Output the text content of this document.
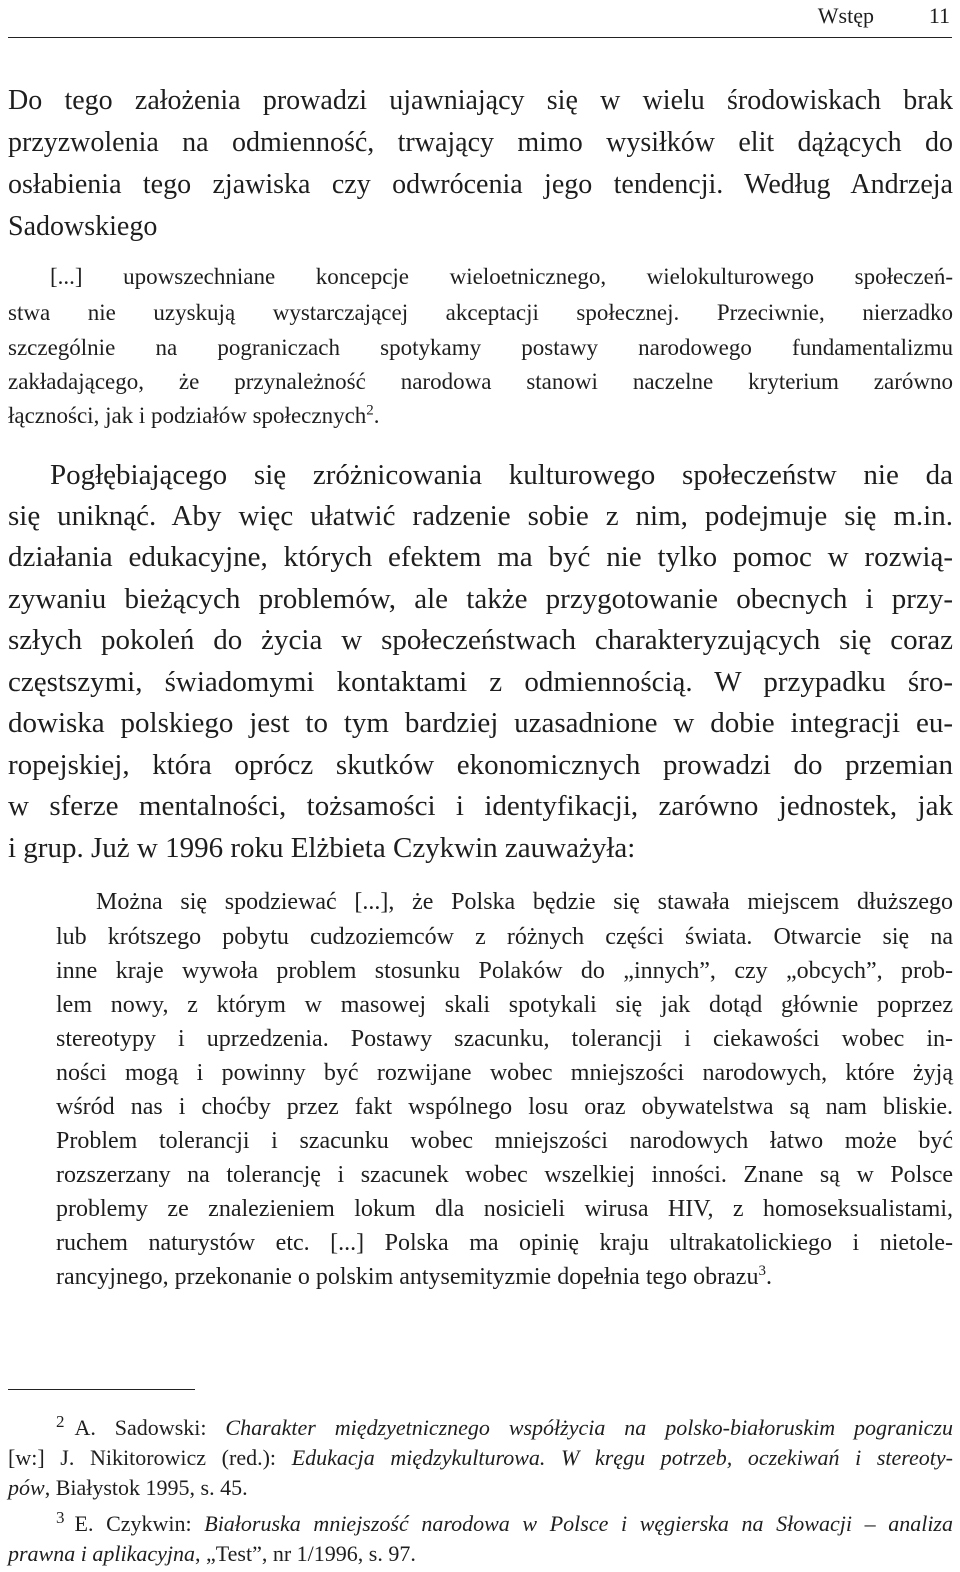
Wstęp 11
Do tego założenia prowadzi ujawniający się w wielu środowiskach brak
przyzwolenia na odmienność, trwający mimo wysiłków elit dążących do
osłabienia tego zjawiska czy odwrócenia jego tendencji. Według Andrzeja
Sadowskiego
[...] upowszechniane koncepcje wieloetnicznego, wielokulturowego społeczeń-
stwa nie uzyskują wystarczającej akceptacji społecznej. Przeciwnie, nierzadko
szczególnie na pograniczach spotykamy postawy narodowego fundamentalizmu
zakładającego, że przynależność narodowa stanowi naczelne kryterium zarówno
łączności, jak i podziałów społecznych$^2$.
Pogłębiającego się zróżnicowania kulturowego społeczeństw nie da
się uniknąć. Aby więc ułatwić radzenie sobie z nim, podejmuje się m.in.
działania edukacyjne, których efektem ma być nie tylko pomoc w rozwią-
zywaniu bieżących problemów, ale także przygotowanie obecnych i przy-
szłych pokoleń do życia w społeczeństwach charakteryzujących się coraz
częstszymi, świadomymi kontaktami z odmiennością. W przypadku śro-
dowiska polskiego jest to tym bardziej uzasadnione w dobie integracji eu-
ropejskiej, która oprócz skutków ekonomicznych prowadzi do przemian
w sferze mentalności, tożsamości i identyfikacji, zarówno jednostek, jak
i grup. Już w 1996 roku Elżbieta Czykwin zauważyła:
Można się spodziewać [...], że Polska będzie się stawała miejscem dłuższego
lub krótszego pobytu cudzoziemców z różnych części świata. Otwarcie się na
inne kraje wywoła problem stosunku Polaków do „innych”, czy „obcych”, prob-
lem nowy, z którym w masowej skali spotykali się jak dotąd głównie poprzez
stereotypy i uprzedzenia. Postawy szacunku, tolerancji i ciekawości wobec in-
ności mogą i powinny być rozwijane wobec mniejszości narodowych, które żyją
wśród nas i choćby przez fakt wspólnego losu oraz obywatelstwa są nam bliskie.
Problem tolerancji i szacunku wobec mniejszości narodowych łatwo może być
rozszerzany na tolerancję i szacunek wobec wszelkiej inności. Znane są w Polsce
problemy ze znalezieniem lokum dla nosicieli wirusa HIV, z homoseksualistami,
ruchem naturystów etc. [...] Polska ma opinię kraju ultrakatolickiego i nietole-
rancyjnego, przekonanie o polskim antysemityzmie dopełnia tego obrazu$^3$.
$^2$ A. Sadowski: Charakter międzyetnicznego współżycia na polsko-białoruskim pograniczu
[w:] J. Nikitorowicz (red.): Edukacja międzykulturowa. W kręgu potrzeb, oczekiwań i stereoty-
pów, Białystok 1995, s. 45.
$^3$ E. Czykwin: Białoruska mniejszość narodowa w Polsce i węgierska na Słowacji – analiza
prawna i aplikacyjna, „Test”, nr 1/1996, s. 97.
